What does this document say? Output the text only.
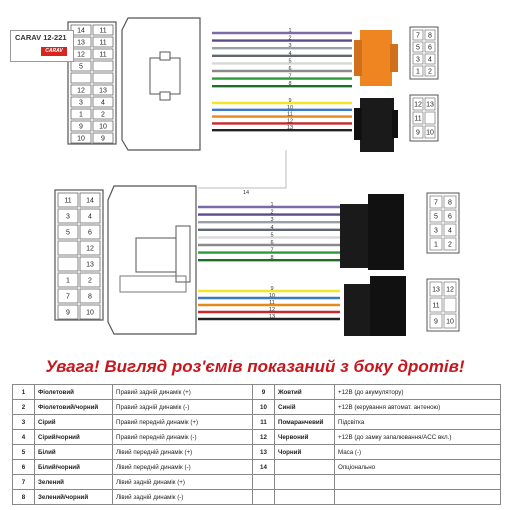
14 11
13 11
12 11
5
12 13
3	4
1	2
9 10
10 9
1
2
3
4
5
6
7
8
9
10
11
12
13
7 8
5 6
3 4
1 2
12 13
11
9 10
14
11 14
3	4
5	6
12
13
1	2
7	8
9 10
1
2
3
4
5
6
7
8
9
10
11
12
13
7 8
5 6
3 4
1 2
13 12
11
9 10
CARAV 12-221
CARAV
Увага! Вигляд роз'ємів показаний з боку дротів!
1	Фіолетовий	Правий задній динамік (+)	9	Жовтий	+12В (до акумулятору)
2	Фіолетовий/чорний	Правий задній динамік (-)	10	Синій	+12В (керування автомат. антеною)
3	Сірий	Правий передній динамік (+)	11	Помаранчевий	Підсвітка
4	Сірий/чорний	Правий передній динамік (-)	12	Червоний	+12В (до замку запалювання/ACC вкл.)
5	Білий	Лівий передній динамік (+)	13	Чорний	Маса (-)
6	Білий/чорний	Лівий передній динамік (-)	14		Опціонально
7	Зелений	Лівий задній динамік (+)			
8	Зелений/чорний	Лівий задній динамік (-)			
